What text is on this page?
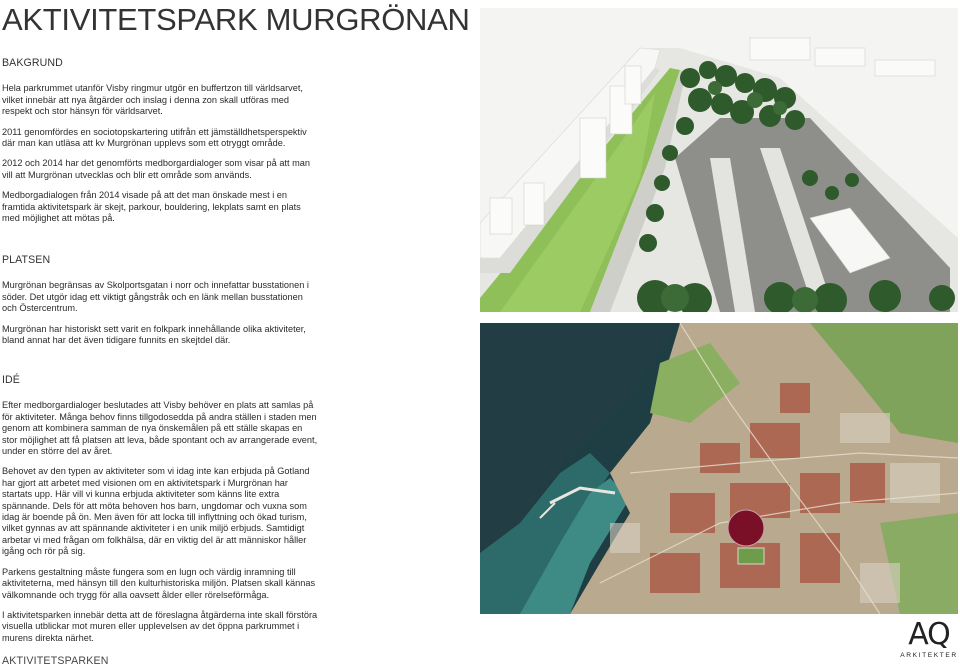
AKTIVITETSPARK MURGRÖNAN
BAKGRUND

Hela parkrummet utanför Visby ringmur utgör en buffertzon till världsarvet, vilket innebär att nya åtgärder och inslag i denna zon skall utföras med respekt och stor hänsyn för världsarvet.

2011 genomfördes en sociotopskartering utifrån ett jämställdhetsperspektiv där man kan utläsa att kv Murgrönan upplevs som ett otryggt område.

2012 och 2014 har det genomförts medborgardialoger som visar på att man vill att Murgrönan utvecklas och blir ett område som används.

Medborgadialogen från 2014 visade på att det man önskade mest i en framtida aktivitetspark är skejt, parkour, bouldering, lekplats samt en plats med möjlighet att mötas på.

PLATSEN

Murgrönan begränsas av Skolportsgatan i norr och innefattar busstationen i söder. Det utgör idag ett viktigt gångstråk och en länk mellan busstationen och Östercentrum.

Murgrönan har historiskt sett varit en folkpark innehållande olika aktiviteter, bland annat har det även tidigare funnits en skejtdel där.

IDÉ

Efter medborgardialoger beslutades att Visby behöver en plats att samlas på för aktiviteter. Många behov finns tillgodosedda på andra ställen i staden men genom att kombinera samman de nya önskemålen på ett ställe skapas en stor möjlighet att få platsen att leva, både spontant och av arrangerade event, under en större del av året.

Behovet av den typen av aktiviteter som vi idag inte kan erbjuda på Gotland har gjort att arbetet med visionen om en aktivitetspark i Murgrönan har startats upp. Här vill vi kunna erbjuda aktiviteter som känns lite extra spännande. Dels för att möta behoven hos barn, ungdomar och vuxna som idag är boende på ön. Men även för att locka till inflyttning och ökad turism, vilket gynnas av att spännande aktiviteter i en unik miljö erbjuds. Samtidigt arbetar vi med frågan om folkhälsa, där en viktig del är att människor håller igång och rör på sig.

Parkens gestaltning måste fungera som en lugn och värdig inramning till aktiviteterna, med hänsyn till den kulturhistoriska miljön. Platsen skall kännas välkomnande och trygg för alla oavsett ålder eller rörelseförmåga.

I aktivitetsparken innebär detta att de föreslagna åtgärderna inte skall förstöra visuella utblickar mot muren eller upplevelsen av det öppna parkrummet i murens direkta närhet.

AKTIVITETSPARKEN
AQ
ARKITEKTER
